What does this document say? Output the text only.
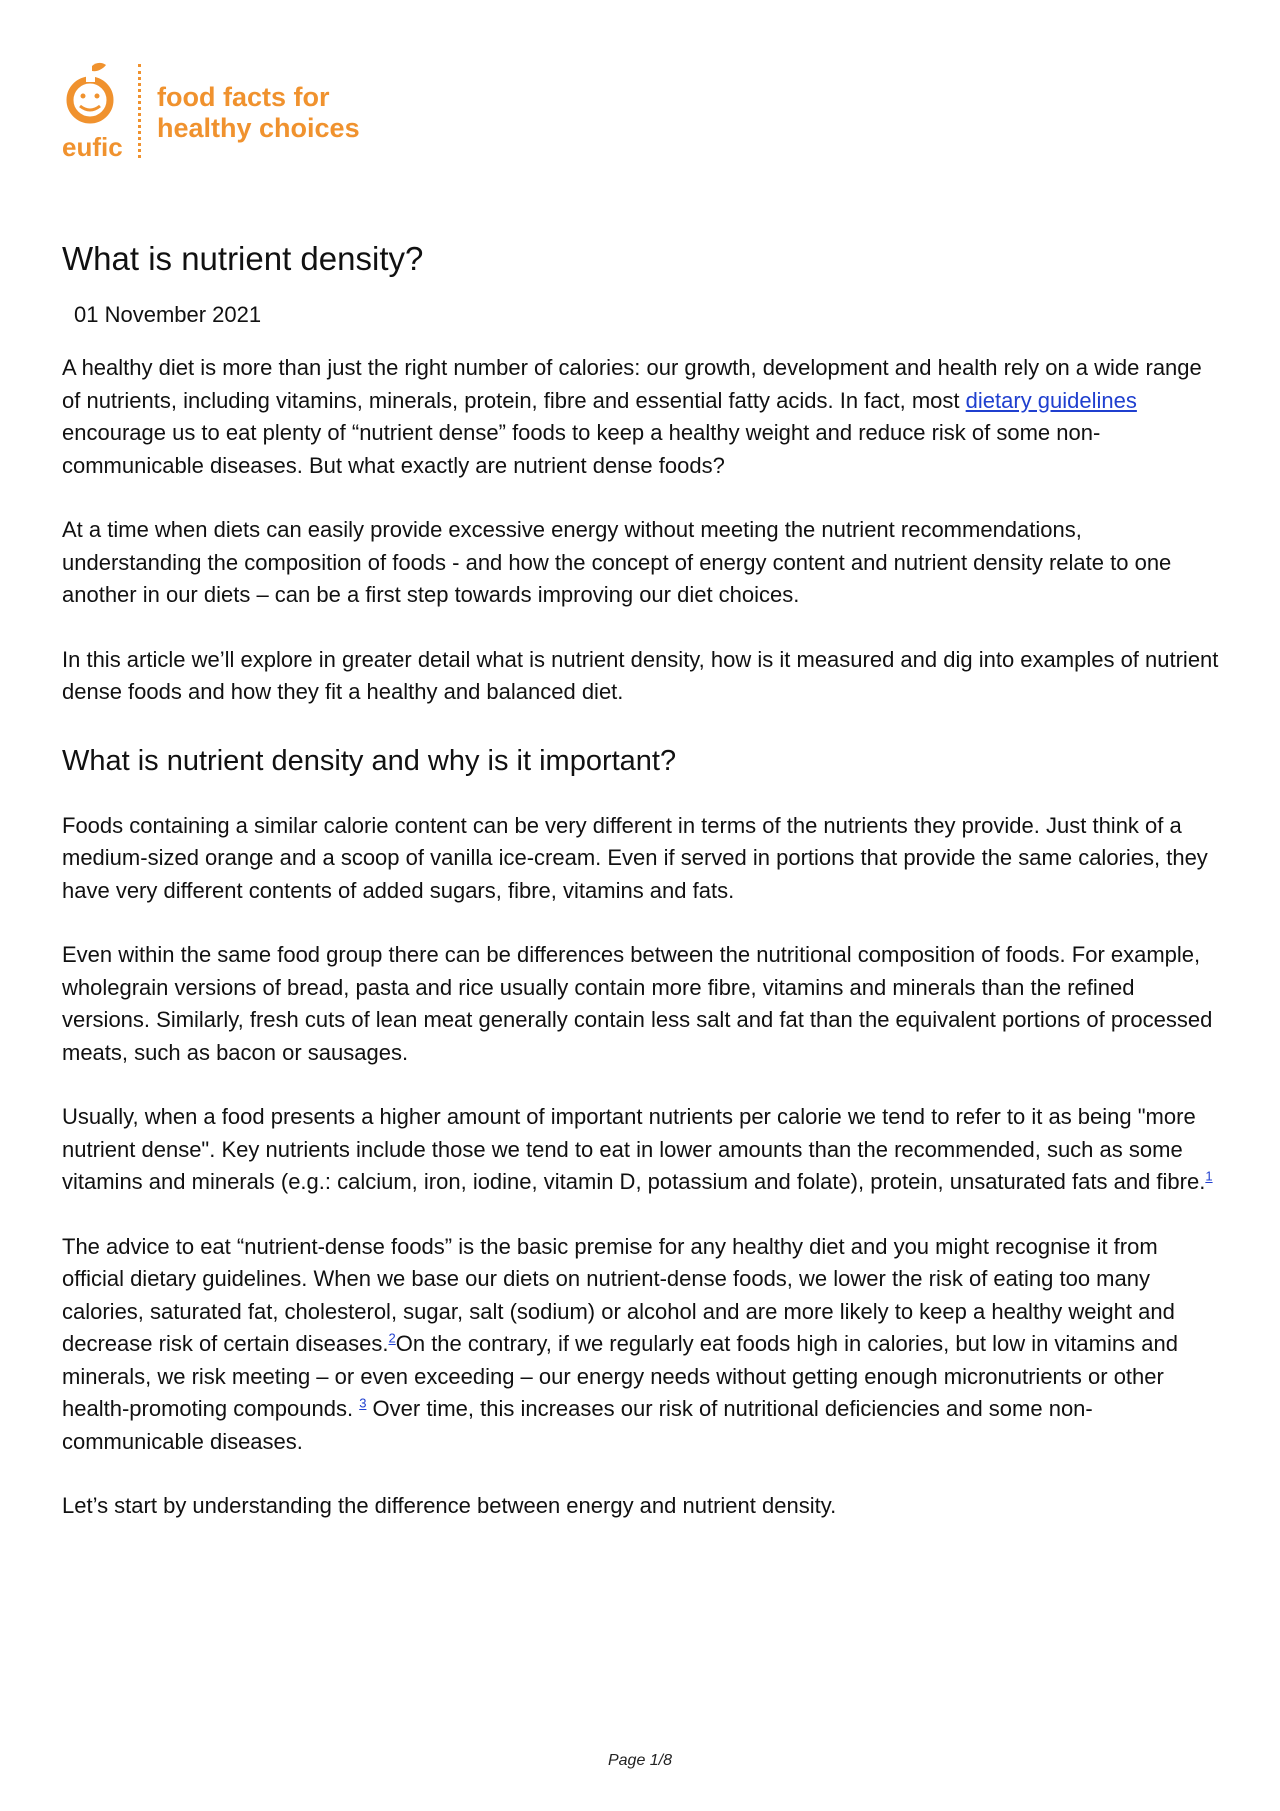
eufic
food facts for
healthy choices
What is nutrient density?
01 November 2021

A healthy diet is more than just the right number of calories: our growth, development and health rely on a wide range of nutrients, including vitamins, minerals, protein, fibre and essential fatty acids. In fact, most dietary guidelines encourage us to eat plenty of “nutrient dense” foods to keep a healthy weight and reduce risk of some non-communicable diseases. But what exactly are nutrient dense foods?

At a time when diets can easily provide excessive energy without meeting the nutrient recommendations, understanding the composition of foods - and how the concept of energy content and nutrient density relate to one another in our diets – can be a first step towards improving our diet choices.

In this article we’ll explore in greater detail what is nutrient density, how is it measured and dig into examples of nutrient dense foods and how they fit a healthy and balanced diet.

What is nutrient density and why is it important?

Foods containing a similar calorie content can be very different in terms of the nutrients they provide. Just think of a medium-sized orange and a scoop of vanilla ice-cream. Even if served in portions that provide the same calories, they have very different contents of added sugars, fibre, vitamins and fats.

Even within the same food group there can be differences between the nutritional composition of foods. For example, wholegrain versions of bread, pasta and rice usually contain more fibre, vitamins and minerals than the refined versions. Similarly, fresh cuts of lean meat generally contain less salt and fat than the equivalent portions of processed meats, such as bacon or sausages.

Usually, when a food presents a higher amount of important nutrients per calorie we tend to refer to it as being "more nutrient dense". Key nutrients include those we tend to eat in lower amounts than the recommended, such as some vitamins and minerals (e.g.: calcium, iron, iodine, vitamin D, potassium and folate), protein, unsaturated fats and fibre.$^1$

The advice to eat “nutrient-dense foods” is the basic premise for any healthy diet and you might recognise it from official dietary guidelines. When we base our diets on nutrient-dense foods, we lower the risk of eating too many calories, saturated fat, cholesterol, sugar, salt (sodium) or alcohol and are more likely to keep a healthy weight and decrease risk of certain diseases.$^2$On the contrary, if we regularly eat foods high in calories, but low in vitamins and minerals, we risk meeting – or even exceeding – our energy needs without getting enough micronutrients or other health-promoting compounds. $^3$ Over time, this increases our risk of nutritional deficiencies and some non-communicable diseases.

Let’s start by understanding the difference between energy and nutrient density.

Page 1/8
